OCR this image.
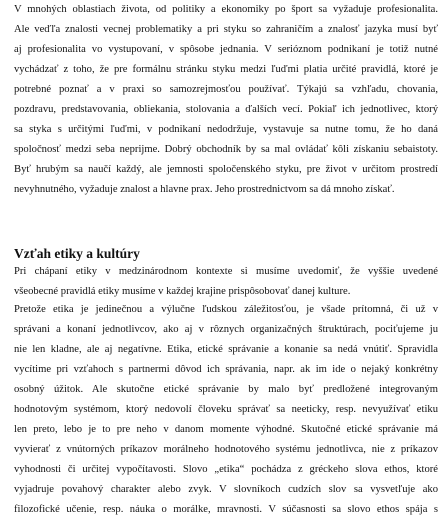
V mnohých oblastiach života, od politiky a ekonomiky po šport sa vyžaduje profesionalita.
Ale veďľa znalosti vecnej problematiky a pri styku so zahraničím a znalosť jazyka musí byť
aj profesionalita vo vystupovaní, v spôsobe jednania. V serióznom podnikaní je totiž nutné
vychádzať z toho, že pre formálnu stránku styku medzi ľuďmi platia určité pravidlá, ktoré je
potrebné poznať a v praxi so samozrejmosťou používať. Týkajú sa vzhľadu, chovania,
pozdravu, predstavovania, obliekania, stolovania a ďalších vecí. Pokiaľ ich jednotlivec, ktorý
sa styka s určitými ľuďmi, v podnikaní nedodržuje, vystavuje sa nutne tomu, že ho daná
spoločnosť medzi seba neprijme. Dobrý obchodník by sa mal ovládať kôli získaniu sebaistoty.
Byť hrubým sa naučí každý, ale jemnosti spoločenského styku, pre život v určitom prostredí
nevyhnutného, vyžaduje znalost a hlavne prax. Jeho prostrednictvom sa dá mnoho získať.
Vzťah etiky a kultúry
Pri chápaní etiky v medzinárodnom kontexte si musíme uvedomiť, že vyššie uvedené
všeobecné pravidlá etiky musíme v každej krajine prispôsobovať danej kulture.
Pretože etika je jedinečnou a výlučne ľudskou záležitosťou, je všade prítomná, či už v
správani a konaní jednotlivcov, ako aj v rôznych organizačných štruktúrach, pociťujeme ju
nie len kladne, ale aj negatívne. Etika, etické správanie a konanie sa nedá vnútiť. Spravidla
vycítime pri vzťahoch s partnermi dôvod ich správania, napr. ak im ide o nejaký konkrétny
osobný úžitok. Ale skutočne etické správanie by malo byť predložené integrovaným
hodnotovým systémom, ktorý nedovolí človeku správať sa neeticky, resp. nevyužívať etiku
len preto, lebo je to pre neho v danom momente výhodné. Skutočné etické správanie má
vyvierať z vnútorných príkazov morálneho hodnotového systému jednotlivca, nie z príkazov
vyhodnosti či určitej vypočítavosti. Slovo „etika“ pochádza z gréckeho slova ethos, ktoré
vyjadruje povahový charakter alebo zvyk. V slovníkoch cudzích slov sa vysvetľuje ako
filozofické učenie, resp. náuka o morálke, mravnosti. V súčasnosti sa slovo ethos spája s
